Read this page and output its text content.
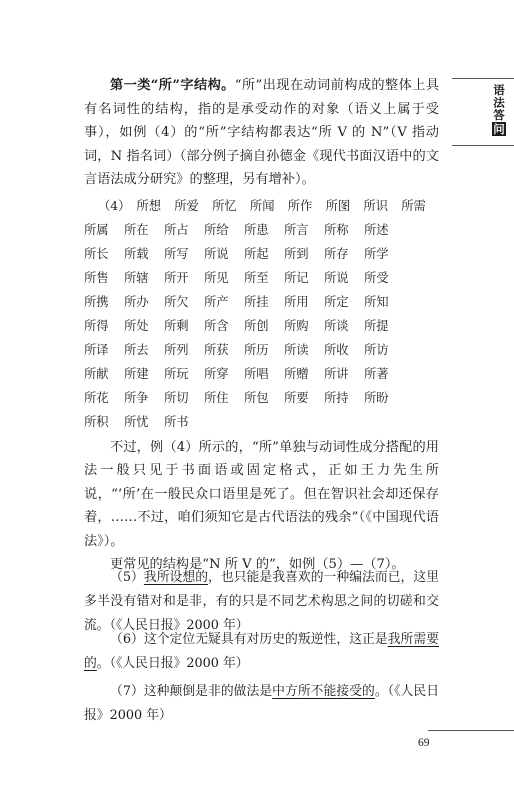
语法答问

第一类“所”字结构。“所”出现在动词前构成的整体上具有名词性的结构，指的是承受动作的对象（语义上属于受事），如例（4）的“所”字结构都表达“所 V 的 N”（V 指动词，N 指名词）（部分例子摘自孙德金《现代书面汉语中的文言语法成分研究》的整理，另有增补）。

（4） 所想	所爱	所忆	所闻	所作	所图	所识	所需
所属	所在	所占	所给	所患	所言	所称	所述
所长	所载	所写	所说	所起	所到	所存	所学
所售	所辖	所开	所见	所至	所记	所说	所受
所携	所办	所欠	所产	所挂	所用	所定	所知
所得	所处	所剩	所含	所创	所购	所谈	所提
所译	所去	所列	所获	所历	所读	所收	所访
所献	所建	所玩	所穿	所唱	所赠	所讲	所著
所花	所争	所切	所住	所包	所要	所持	所盼
所积	所忧	所书

不过，例（4）所示的，“所”单独与动词性成分搭配的用法一般只见于书面语或固定格式，正如王力先生所说，“‘所’在一般民众口语里是死了。但在智识社会却还保存着，……不过，咱们须知它是古代语法的残余”（《中国现代语法》）。

更常见的结构是“N 所 V 的”，如例（5）—（7）。

（5）我所设想的，也只能是我喜欢的一种编法而已，这里多半没有错对和是非，有的只是不同艺术构思之间的切磋和交流。（《人民日报》2000 年）

（6）这个定位无疑具有对历史的叛逆性，这正是我所需要的。（《人民日报》2000 年）

（7）这种颠倒是非的做法是中方所不能接受的。（《人民日报》2000 年）

69
